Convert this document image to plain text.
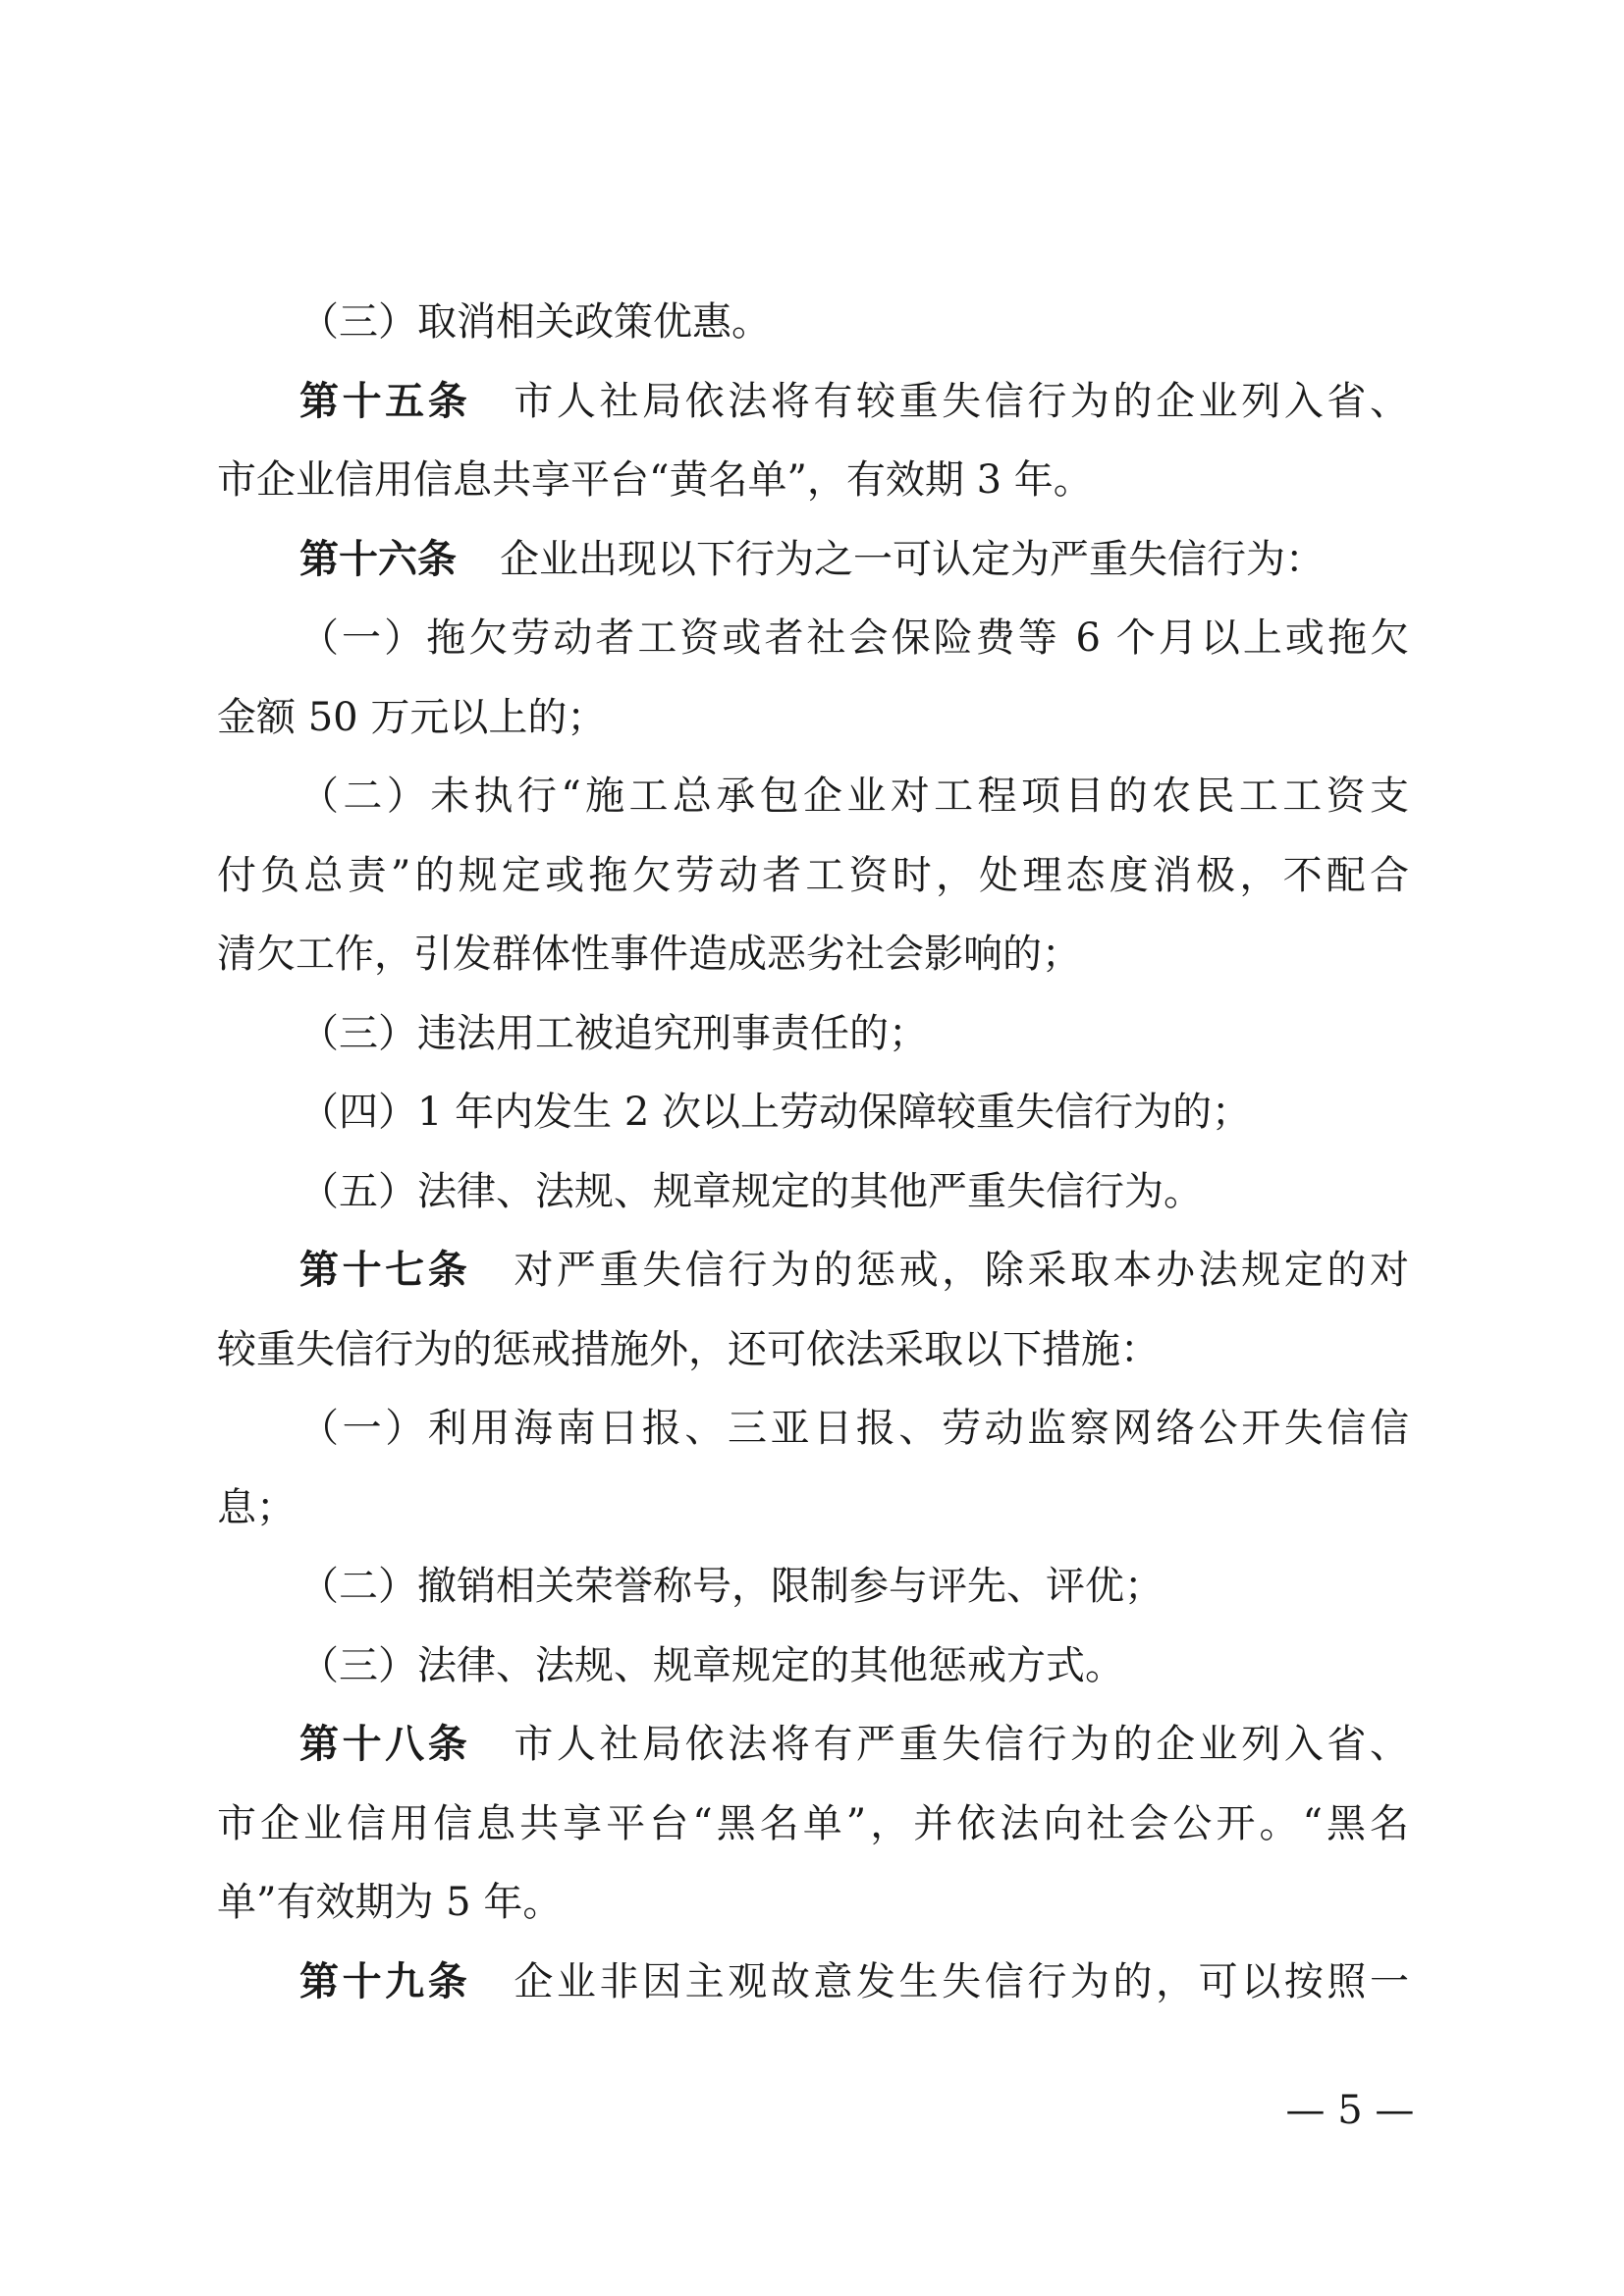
（三）取消相关政策优惠。
第十五条 市人社局依法将有较重失信行为的企业列入省、
市企业信用信息共享平台“黄名单”，有效期 3 年。
第十六条 企业出现以下行为之一可认定为严重失信行为：
（一）拖欠劳动者工资或者社会保险费等 6 个月以上或拖欠
金额 50 万元以上的；
（二）未执行“施工总承包企业对工程项目的农民工工资支
付负总责”的规定或拖欠劳动者工资时，处理态度消极，不配合
清欠工作，引发群体性事件造成恶劣社会影响的；
（三）违法用工被追究刑事责任的；
（四）1 年内发生 2 次以上劳动保障较重失信行为的；
（五）法律、法规、规章规定的其他严重失信行为。
第十七条 对严重失信行为的惩戒，除采取本办法规定的对
较重失信行为的惩戒措施外，还可依法采取以下措施：
（一）利用海南日报、三亚日报、劳动监察网络公开失信信
息；
（二）撤销相关荣誉称号，限制参与评先、评优；
（三）法律、法规、规章规定的其他惩戒方式。
第十八条 市人社局依法将有严重失信行为的企业列入省、
市企业信用信息共享平台“黑名单”，并依法向社会公开。“黑名
单”有效期为 5 年。
第十九条 企业非因主观故意发生失信行为的，可以按照一
— 5 —
